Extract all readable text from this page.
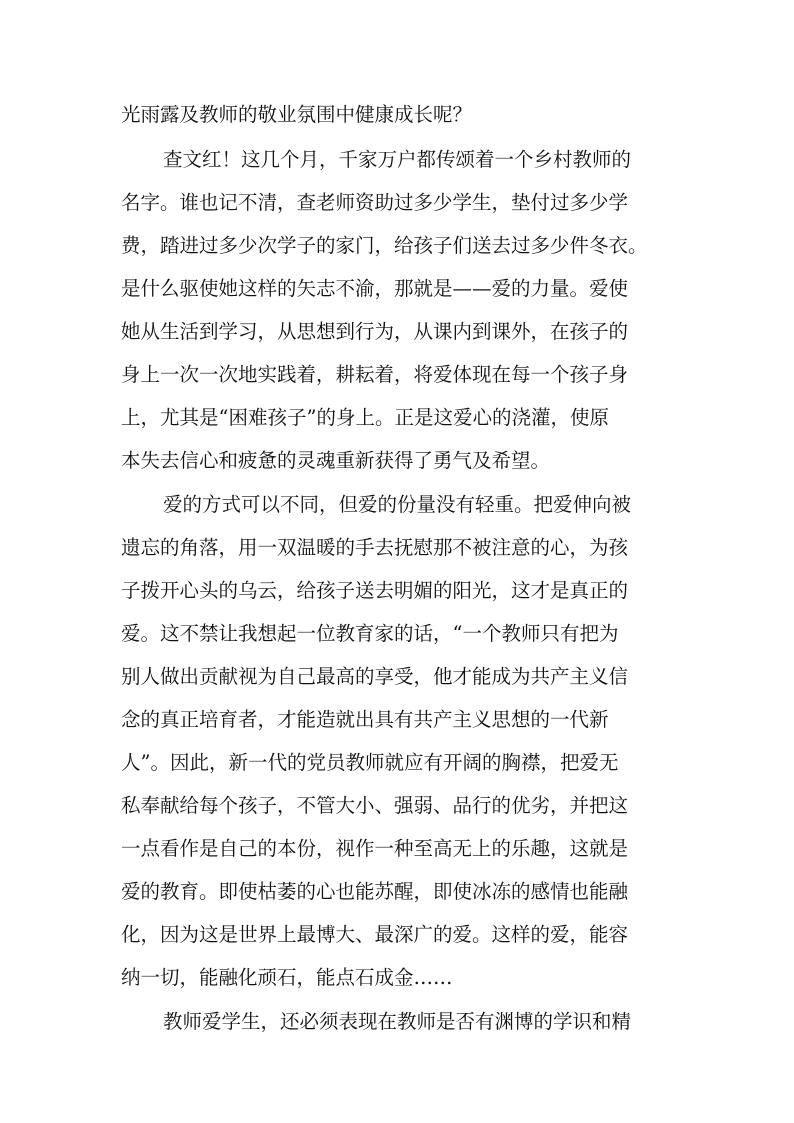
光雨露及教师的敬业氛围中健康成长呢？
查文红！这几个月，千家万户都传颂着一个乡村教师的
名字。谁也记不清，查老师资助过多少学生，垫付过多少学
费，踏进过多少次学子的家门，给孩子们送去过多少件冬衣。
是什么驱使她这样的矢志不渝，那就是——爱的力量。爱使
她从生活到学习，从思想到行为，从课内到课外，在孩子的
身上一次一次地实践着，耕耘着，将爱体现在每一个孩子身
上，尤其是“困难孩子”的身上。正是这爱心的浇灌，使原
本失去信心和疲惫的灵魂重新获得了勇气及希望。
爱的方式可以不同，但爱的份量没有轻重。把爱伸向被
遗忘的角落，用一双温暖的手去抚慰那不被注意的心，为孩
子拨开心头的乌云，给孩子送去明媚的阳光，这才是真正的
爱。这不禁让我想起一位教育家的话，“一个教师只有把为
别人做出贡献视为自己最高的享受，他才能成为共产主义信
念的真正培育者，才能造就出具有共产主义思想的一代新
人”。因此，新一代的党员教师就应有开阔的胸襟，把爱无
私奉献给每个孩子，不管大小、强弱、品行的优劣，并把这
一点看作是自己的本份，视作一种至高无上的乐趣，这就是
爱的教育。即使枯萎的心也能苏醒，即使冰冻的感情也能融
化，因为这是世界上最博大、最深广的爱。这样的爱，能容
纳一切，能融化顽石，能点石成金……
教师爱学生，还必须表现在教师是否有渊博的学识和精
